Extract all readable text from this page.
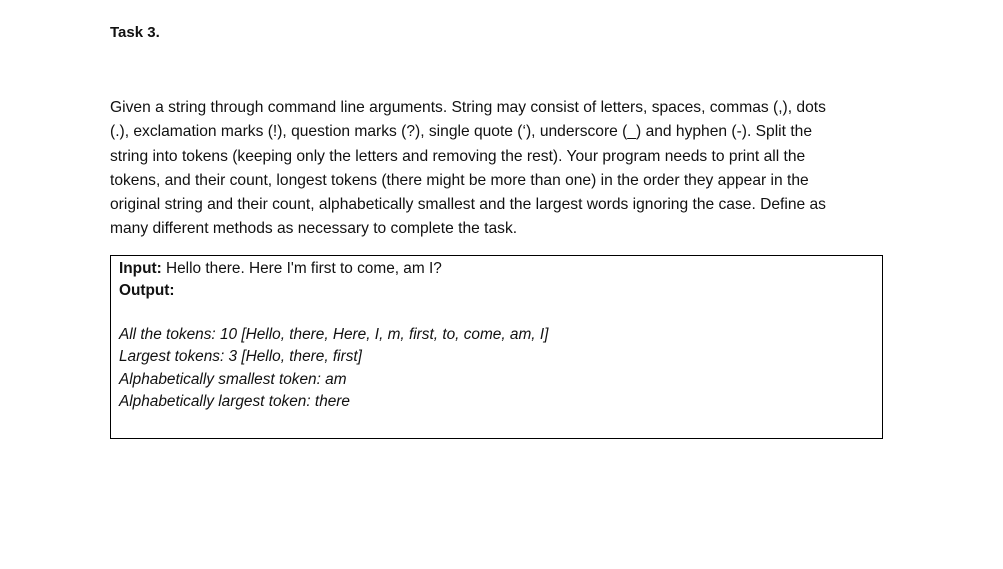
Task 3.

Given a string through command line arguments. String may consist of letters, spaces, commas (,), dots

(.), exclamation marks (!), question marks (?), single quote (‘), underscore (_) and hyphen (-). Split the

string into tokens (keeping only the letters and removing the rest). Your program needs to print all the

tokens, and their count, longest tokens (there might be more than one) in the order they appear in the

original string and their count, alphabetically smallest and the largest words ignoring the case. Define as

many different methods as necessary to complete the task.

Input: Hello there. Here I'm first to come, am I?
Output:
All the tokens: 10 [Hello, there, Here, I, m, first, to, come, am, I]
Largest tokens: 3 [Hello, there, first]
Alphabetically smallest token: am
Alphabetically largest token: there
